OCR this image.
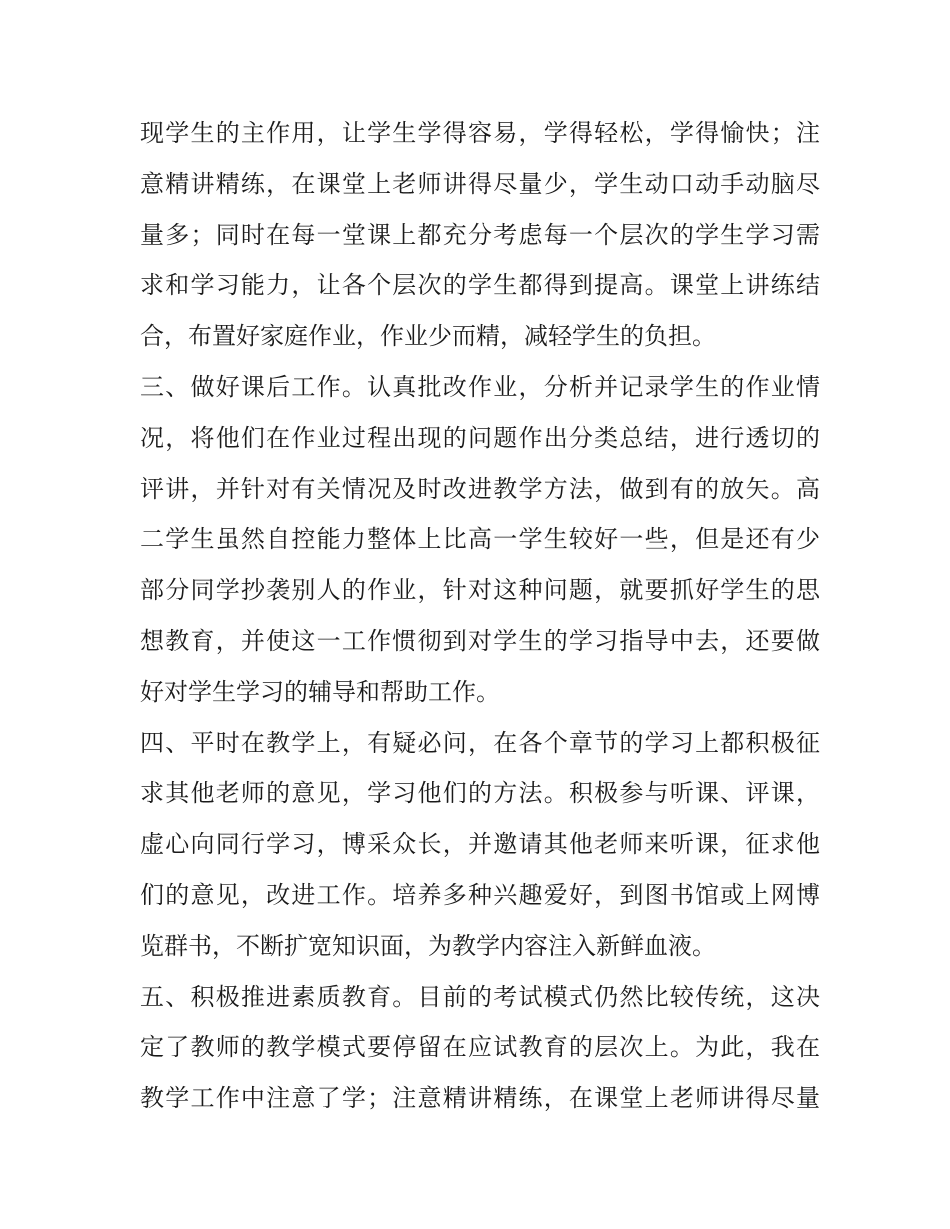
现学生的主作用，让学生学得容易，学得轻松，学得愉快；注
意精讲精练，在课堂上老师讲得尽量少，学生动口动手动脑尽
量多；同时在每一堂课上都充分考虑每一个层次的学生学习需
求和学习能力，让各个层次的学生都得到提高。课堂上讲练结
合，布置好家庭作业，作业少而精，减轻学生的负担。
三、做好课后工作。认真批改作业，分析并记录学生的作业情
况，将他们在作业过程出现的问题作出分类总结，进行透切的
评讲，并针对有关情况及时改进教学方法，做到有的放矢。高
二学生虽然自控能力整体上比高一学生较好一些，但是还有少
部分同学抄袭别人的作业，针对这种问题，就要抓好学生的思
想教育，并使这一工作惯彻到对学生的学习指导中去，还要做
好对学生学习的辅导和帮助工作。
四、平时在教学上，有疑必问，在各个章节的学习上都积极征
求其他老师的意见，学习他们的方法。积极参与听课、评课，
虚心向同行学习，博采众长，并邀请其他老师来听课，征求他
们的意见，改进工作。培养多种兴趣爱好，到图书馆或上网博
览群书，不断扩宽知识面，为教学内容注入新鲜血液。
五、积极推进素质教育。目前的考试模式仍然比较传统，这决
定了教师的教学模式要停留在应试教育的层次上。为此，我在
教学工作中注意了学；注意精讲精练，在课堂上老师讲得尽量
